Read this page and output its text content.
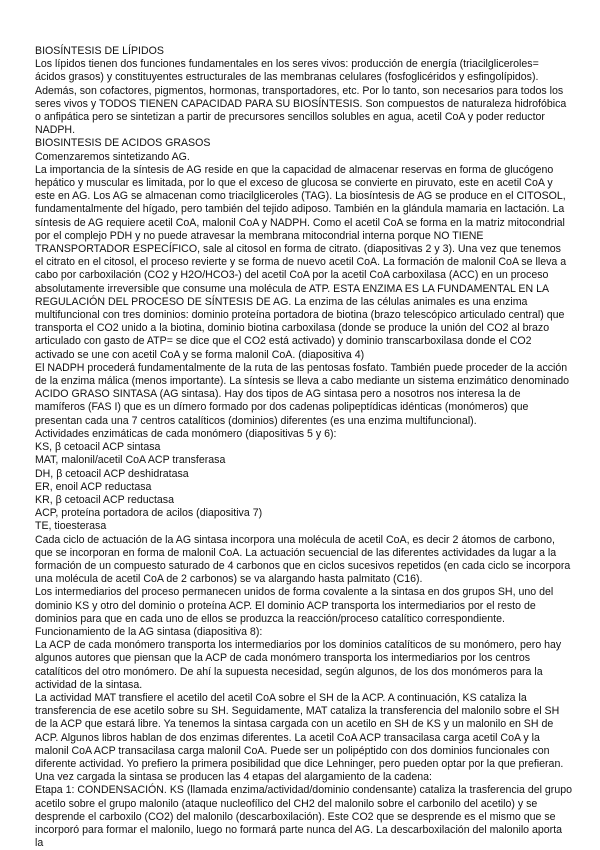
BIOSÍNTESIS DE LÍPIDOS

Los lípidos tienen dos funciones fundamentales en los seres vivos: producción de energía (triacilgliceroles= ácidos grasos) y constituyentes estructurales de las membranas celulares (fosfoglicéridos y esfingolípidos). Además, son cofactores, pigmentos, hormonas, transportadores, etc. Por lo tanto, son necesarios para todos los seres vivos y TODOS TIENEN CAPACIDAD PARA SU BIOSÍNTESIS. Son compuestos de naturaleza hidrofóbica o anfipática pero se sintetizan a partir de precursores sencillos solubles en agua, acetil CoA y poder reductor NADPH.

BIOSINTESIS DE ACIDOS GRASOS

Comenzaremos sintetizando AG.

La importancia de la síntesis de AG reside en que la capacidad de almacenar reservas en forma de glucógeno hepático y muscular es limitada, por lo que el exceso de glucosa se convierte en piruvato, este en acetil CoA y este en AG. Los AG se almacenan como triacilgliceroles (TAG). La biosíntesis de AG se produce en el CITOSOL, fundamentalmente del hígado, pero también del tejido adiposo. También en la glándula mamaria en lactación. La síntesis de AG requiere acetil CoA, malonil CoA y NADPH. Como el acetil CoA se forma en la matriz mitocondrial por el complejo PDH y no puede atravesar la membrana mitocondrial interna porque NO TIENE TRANSPORTADOR ESPECÍFICO, sale al citosol en forma de citrato. (diapositivas 2 y 3). Una vez que tenemos el citrato en el citosol, el proceso revierte y se forma de nuevo acetil CoA. La formación de malonil CoA se lleva a cabo por carboxilación (CO2 y H2O/HCO3-) del acetil CoA por la acetil CoA carboxilasa (ACC) en un proceso absolutamente irreversible que consume una molécula de ATP. ESTA ENZIMA ES LA FUNDAMENTAL EN LA REGULACIÓN DEL PROCESO DE SÍNTESIS DE AG. La enzima de las células animales es una enzima multifuncional con tres dominios: dominio proteína portadora de biotina (brazo telescópico articulado central) que transporta el CO2 unido a la biotina, dominio biotina carboxilasa (donde se produce la unión del CO2 al brazo articulado con gasto de ATP= se dice que el CO2 está activado) y dominio transcarboxilasa donde el CO2 activado se une con acetil CoA y se forma malonil CoA. (diapositiva 4)

El NADPH procederá fundamentalmente de la ruta de las pentosas fosfato. También puede proceder de la acción de la enzima málica (menos importante). La síntesis se lleva a cabo mediante un sistema enzimático denominado ACIDO GRASO SINTASA (AG sintasa). Hay dos tipos de AG sintasa pero a nosotros nos interesa la de mamíferos (FAS I) que es un dímero formado por dos cadenas polipeptídicas idénticas (monómeros) que presentan cada una 7 centros catalíticos (dominios) diferentes (es una enzima multifuncional).

Actividades enzimáticas de cada monómero (diapositivas 5 y 6):

KS, β cetoacil ACP sintasa

MAT, malonil/acetil CoA ACP transferasa

DH, β cetoacil ACP deshidratasa

ER, enoil ACP reductasa

KR, β cetoacil ACP reductasa

ACP, proteína portadora de acilos (diapositiva 7)

TE, tioesterasa

Cada ciclo de actuación de la AG sintasa incorpora una molécula de acetil CoA, es decir 2 átomos de carbono, que se incorporan en forma de malonil CoA. La actuación secuencial de las diferentes actividades da lugar a la formación de un compuesto saturado de 4 carbonos que en ciclos sucesivos repetidos (en cada ciclo se incorpora una molécula de acetil CoA de 2 carbonos) se va alargando hasta palmitato (C16).

Los intermediarios del proceso permanecen unidos de forma covalente a la sintasa en dos grupos SH, uno del dominio KS y otro del dominio o proteína ACP. El dominio ACP transporta los intermediarios por el resto de dominios para que en cada uno de ellos se produzca la reacción/proceso catalítico correspondiente.

Funcionamiento de la AG sintasa (diapositiva 8):

La ACP de cada monómero transporta los intermediarios por los dominios catalíticos de su monómero, pero hay algunos autores que piensan que la ACP de cada monómero transporta los intermediarios por los centros catalíticos del otro monómero. De ahí la supuesta necesidad, según algunos, de los dos monómeros para la actividad de la sintasa.

La actividad MAT transfiere el acetilo del acetil CoA sobre el SH de la ACP. A continuación, KS cataliza la transferencia de ese acetilo sobre su SH. Seguidamente, MAT cataliza la transferencia del malonilo sobre el SH de la ACP que estará libre. Ya tenemos la sintasa cargada con un acetilo en SH de KS y un malonilo en SH de ACP. Algunos libros hablan de dos enzimas diferentes. La acetil CoA ACP transacilasa carga acetil CoA y la malonil CoA ACP transacilasa carga malonil CoA. Puede ser un polipéptido con dos dominios funcionales con diferente actividad. Yo prefiero la primera posibilidad que dice Lehninger, pero pueden optar por la que prefieran.

Una vez cargada la sintasa se producen las 4 etapas del alargamiento de la cadena:

Etapa 1: CONDENSACIÓN. KS (llamada enzima/actividad/dominio condensante) cataliza la trasferencia del grupo acetilo sobre el grupo malonilo (ataque nucleofílico del CH2 del malonilo sobre el carbonilo del acetilo) y se desprende el carboxilo (CO2) del malonilo (descarboxilación). Este CO2 que se desprende es el mismo que se incorporó para formar el malonilo, luego no formará parte nunca del AG. La descarboxilación del malonilo aporta la
